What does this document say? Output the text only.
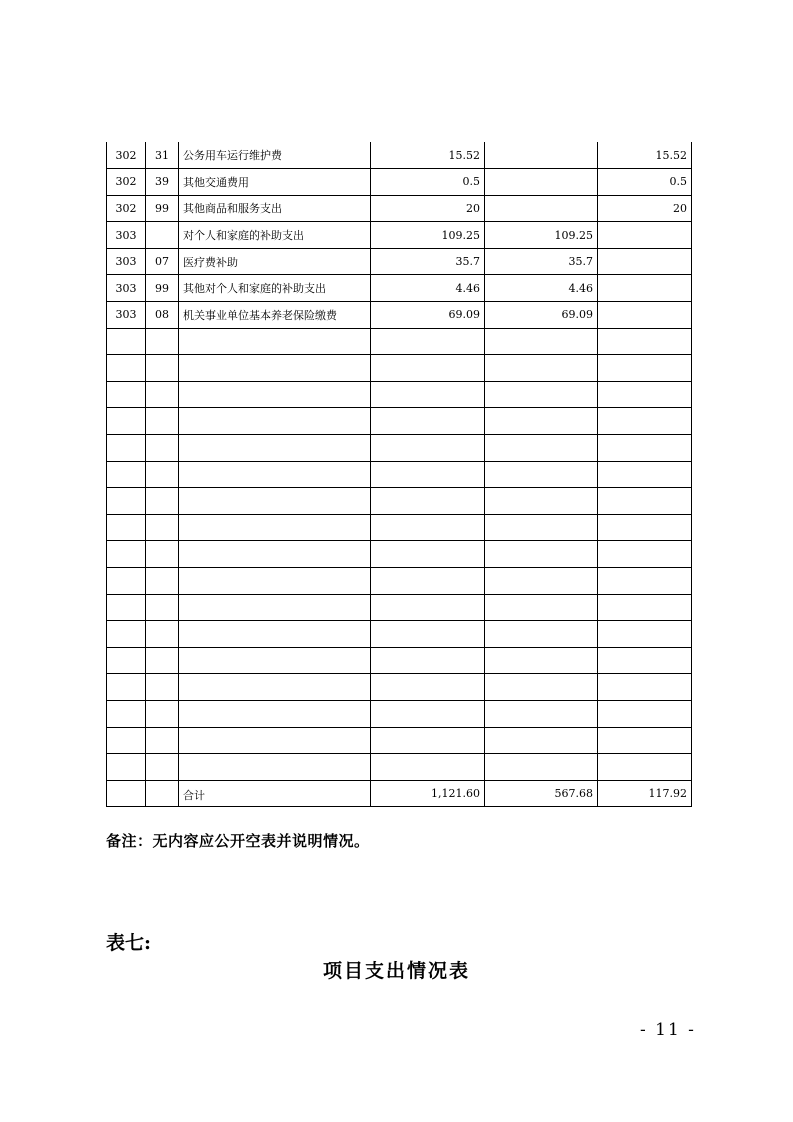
302	31	公务用车运行维护费	15.52		15.52
302	39	其他交通费用	0.5		0.5
302	99	其他商品和服务支出	20		20
303		对个人和家庭的补助支出	109.25	109.25	
303	07	医疗费补助	35.7	35.7	
303	99	其他对个人和家庭的补助支出	4.46	4.46	
303	08	机关事业单位基本养老保险缴费	69.09	69.09	

		合计	1,121.60	567.68	117.92
备注：无内容应公开空表并说明情况。
表七:
项目支出情况表
- 11 -
